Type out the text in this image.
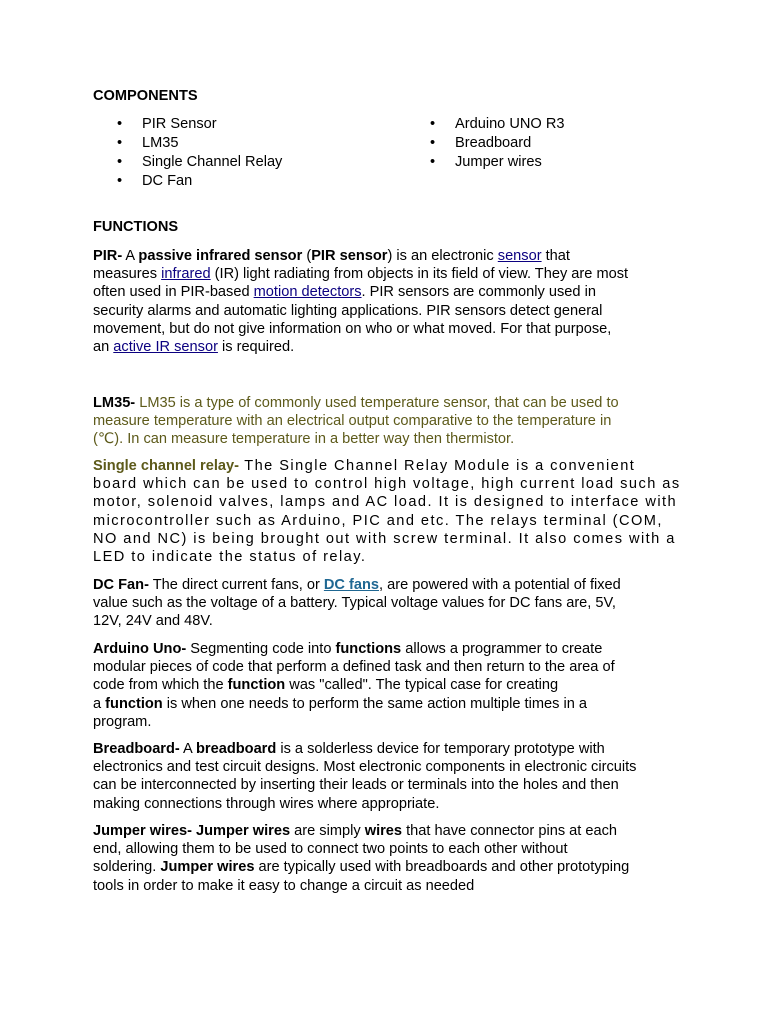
COMPONENTS
• PIR Sensor
• LM35
• Single Channel Relay
• DC Fan
• Arduino UNO R3
• Breadboard
• Jumper wires
FUNCTIONS

PIR- A passive infrared sensor (PIR sensor) is an electronic sensor that

measures infrared (IR) light radiating from objects in its field of view. They are most

often used in PIR-based motion detectors. PIR sensors are commonly used in

security alarms and automatic lighting applications. PIR sensors detect general

movement, but do not give information on who or what moved. For that purpose,

an active IR sensor is required.

LM35- LM35 is a type of commonly used temperature sensor, that can be used to

measure temperature with an electrical output comparative to the temperature in

(℃). In can measure temperature in a better way then thermistor.

Single channel relay- The Single Channel Relay Module is a convenient

board which can be used to control high voltage, high current load such as

motor, solenoid valves, lamps and AC load. It is designed to interface with

microcontroller such as Arduino, PIC and etc. The relays terminal (COM,

NO and NC) is being brought out with screw terminal. It also comes with a

LED to indicate the status of relay.

DC Fan- The direct current fans, or DC fans, are powered with a potential of fixed

value such as the voltage of a battery. Typical voltage values for DC fans are, 5V,

12V, 24V and 48V.

Arduino Uno- Segmenting code into functions allows a programmer to create

modular pieces of code that perform a defined task and then return to the area of

code from which the function was "called". The typical case for creating

a function is when one needs to perform the same action multiple times in a

program.

Breadboard- A breadboard is a solderless device for temporary prototype with

electronics and test circuit designs. Most electronic components in electronic circuits

can be interconnected by inserting their leads or terminals into the holes and then

making connections through wires where appropriate.

Jumper wires- Jumper wires are simply wires that have connector pins at each

end, allowing them to be used to connect two points to each other without

soldering. Jumper wires are typically used with breadboards and other prototyping

tools in order to make it easy to change a circuit as needed
